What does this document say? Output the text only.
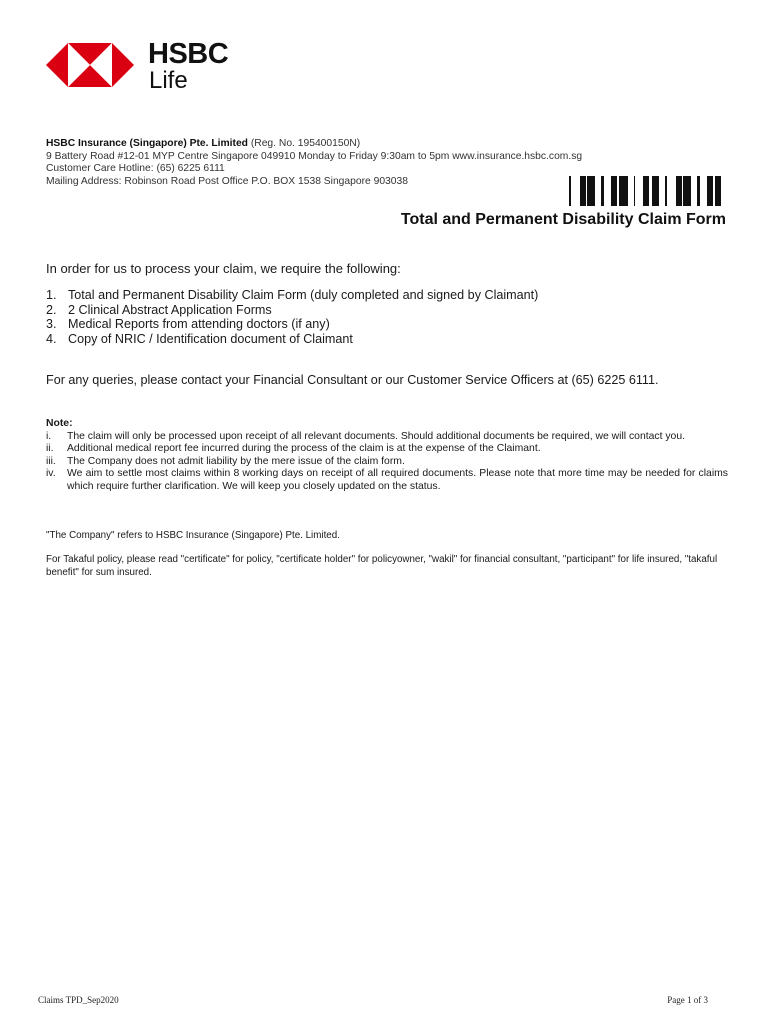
HSBC
Life
HSBC Insurance (Singapore) Pte. Limited (Reg. No. 195400150N)
9 Battery Road #12-01 MYP Centre Singapore 049910 Monday to Friday 9:30am to 5pm www.insurance.hsbc.com.sg
Customer Care Hotline: (65) 6225 6111
Mailing Address: Robinson Road Post Office P.O. BOX 1538 Singapore 903038
Total and Permanent Disability Claim Form
In order for us to process your claim, we require the following:
1. Total and Permanent Disability Claim Form (duly completed and signed by Claimant)
2. 2 Clinical Abstract Application Forms
3. Medical Reports from attending doctors (if any)
4. Copy of NRIC / Identification document of Claimant
For any queries, please contact your Financial Consultant or our Customer Service Officers at (65) 6225 6111.
Note:
i.	The claim will only be processed upon receipt of all relevant documents. Should additional documents be required, we will contact you.
ii.	Additional medical report fee incurred during the process of the claim is at the expense of the Claimant.
iii.	The Company does not admit liability by the mere issue of the claim form.
iv.	We aim to settle most claims within 8 working days on receipt of all required documents. Please note that more time may be needed for claims which require further clarification. We will keep you closely updated on the status.
"The Company" refers to HSBC Insurance (Singapore) Pte. Limited.
For Takaful policy, please read "certificate" for policy, "certificate holder" for policyowner, "wakil" for financial consultant, "participant" for life insured, "takaful benefit" for sum insured.
Claims TPD_Sep2020	Page 1 of 3
